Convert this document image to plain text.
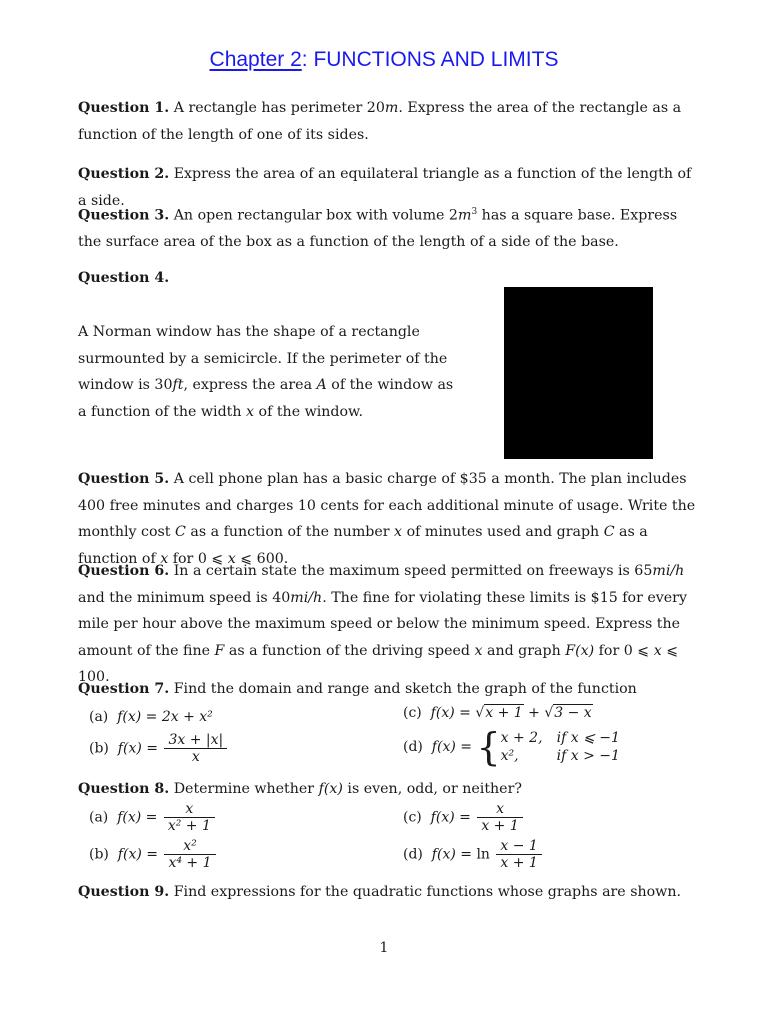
Chapter 2: FUNCTIONS AND LIMITS
Question 1. A rectangle has perimeter 20m. Express the area of the rectangle as a function of the length of one of its sides.
Question 2. Express the area of an equilateral triangle as a function of the length of a side.
Question 3. An open rectangular box with volume $2m^3$ has a square base. Express the surface area of the box as a function of the length of a side of the base.
Question 4.
A Norman window has the shape of a rectangle surmounted by a semicircle. If the perimeter of the window is 30ft, express the area A of the window as a function of the width x of the window.
Question 5. A cell phone plan has a basic charge of $35 a month. The plan includes 400 free minutes and charges 10 cents for each additional minute of usage. Write the monthly cost C as a function of the number x of minutes used and graph C as a function of x for 0 ⩽ x ⩽ 600.
Question 6. In a certain state the maximum speed permitted on freeways is 65mi/h and the minimum speed is 40mi/h. The fine for violating these limits is $15 for every mile per hour above the maximum speed or below the minimum speed. Express the amount of the fine F as a function of the driving speed x and graph F(x) for 0 ⩽ x ⩽ 100.
Question 7. Find the domain and range and sketch the graph of the function
(a) f(x) = 2x + x²	(c) f(x) = √x + 1 + √3 − x
(b) $f(x) = \frac{3x + |x|}{x}$	(d) f(x) = { x + 2, if x ⩽ −1
x²,	if x > −1
Question 8. Determine whether f(x) is even, odd, or neither?
(a) $f(x) = \frac{x}{\text{x² + 1}}$	(c) $f(x) = \frac{x}{x + 1}$
(b) $f(x) = \frac{\text{x²}}{\text{x⁴ + 1}}$	(d) $f(x) = \ln \frac{x - 1}{x + 1}$
Question 9. Find expressions for the quadratic functions whose graphs are shown.
1
